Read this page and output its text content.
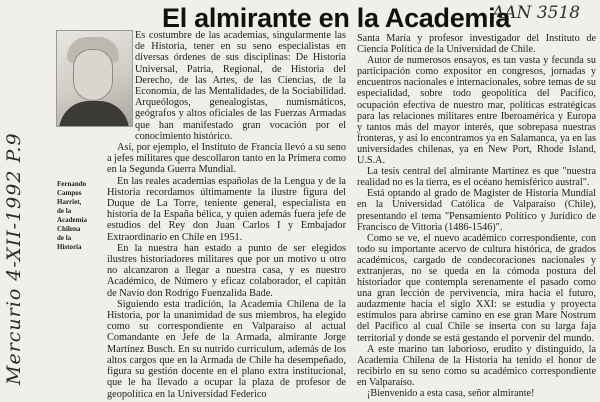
Mercurio 4-XII-1992 P.9
AAN 3518
El almirante en la Academia
Fernando
Campos
Harriet,
de la
Academia
Chilena
de la
Historia

Es costumbre de las academias, singularmente las de Historia, tener en su seno especialistas en diversas órdenes de sus disciplinas: De Historia Universal, Patria, Regional, de Historia del Derecho, de las Artes, de las Ciencias, de la Economía, de las Mentalidades, de la Sociabilidad. Arqueólogos, genealogistas, numismáticos, geógrafos y altos oficiales de las Fuerzas Armadas que han manifestado gran vocación por el conocimiento histórico.

Así, por ejemplo, el Instituto de Francia llevó a su seno a jefes militares que descollaron tanto en la Primera como en la Segunda Guerra Mundial.

En las reales academias españolas de la Lengua y de la Historia recordamos últimamente la ilustre figura del Duque de La Torre, teniente general, especialista en historia de la España bélica, y quien además fuera jefe de estudios del Rey don Juan Carlos I y Embajador Extraordinario en Chile en 1951.

En la nuestra han estado a punto de ser elegidos ilustres historiadores militares que por un motivo u otro no alcanzaron a llegar a nuestra casa, y es nuestro Académico, de Número y eficaz colaborador, el capitán de Navío don Rodrigo Fuenzalida Bade.

Siguiendo esta tradición, la Academia Chilena de la Historia, por la unanimidad de sus miembros, ha elegido como su correspondiente en Valparaíso al actual Comandante en Jefe de la Armada, almirante Jorge Martínez Busch. En su nutrido curriculum, además de los altos cargos que en la Armada de Chile ha desempeñado, figura su gestión docente en el plano extra institucional, que le ha llevado a ocupar la plaza de profesor de geopolítica en la Universidad Federico

Santa María y profesor investigador del Instituto de Ciencia Política de la Universidad de Chile.

Autor de numerosos ensayos, es tan vasta y fecunda su participación como expositor en congresos, jornadas y encuentros nacionales e internacionales, sobre temas de su especialidad, sobre todo geopolítica del Pacífico, ocupación efectiva de nuestro mar, políticas estratégicas para las relaciones militares entre Iberoamérica y Europa y tantos más del mayor interés, que sobrepasa nuestras fronteras, y así lo encontramos ya en Salamanca, ya en las universidades chilenas, ya en New Port, Rhode Island, U.S.A.

La tesis central del almirante Martínez es que "nuestra realidad no es la tierra, es el océano hemisférico austral".

Está optando al grado de Magister de Historia Mundial en la Universidad Católica de Valparaíso (Chile), presentando el tema "Pensamiento Político y Jurídico de Francisco de Vittoria (1486-1546)".

Como se ve, el nuevo académico correspondiente, con todo su importante acervo de cultura histórica, de grados académicos, cargado de condecoraciones nacionales y extranjeras, no se queda en la cómoda postura del historiador que contempla serenamente el pasado como una gran lección de pervivencia, mira hacia el futuro, audazmente hacia el siglo XXI: se estudia y proyecta estímulos para abrirse camino en ese gran Mare Nostrum del Pacífico al cual Chile se inserta con su larga faja territorial y donde se está gestando el porvenir del mundo.

A este marino tan laborioso, erudito y distinguido, la Academia Chilena de la Historia ha tenido el honor de recibirlo en su seno como su académico correspondiente en Valparaíso.

¡Bienvenido a esta casa, señor almirante!
